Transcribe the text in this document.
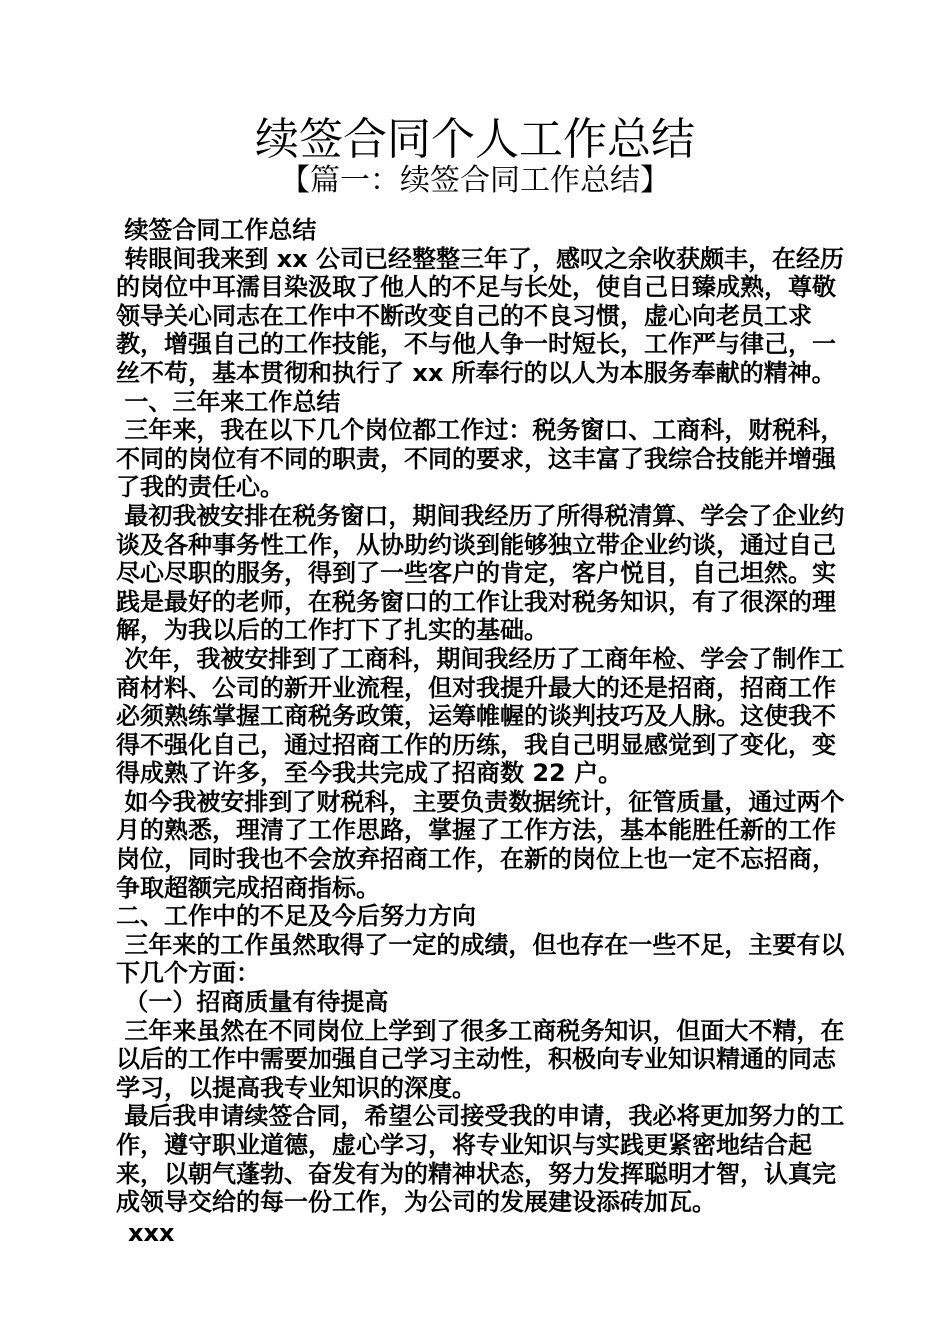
续签合同个人工作总结
【篇一：续签合同工作总结】

续签合同工作总结

转眼间我来到 xx 公司已经整整三年了，感叹之余收获颇丰，在经历的岗位中耳濡目染汲取了他人的不足与长处，使自己日臻成熟，尊敬领导关心同志在工作中不断改变自己的不良习惯，虚心向老员工求教，增强自己的工作技能，不与他人争一时短长，工作严与律己，一丝不苟，基本贯彻和执行了 xx 所奉行的以人为本服务奉献的精神。

一、三年来工作总结

三年来，我在以下几个岗位都工作过：税务窗口、工商科，财税科，不同的岗位有不同的职责，不同的要求，这丰富了我综合技能并增强了我的责任心。

最初我被安排在税务窗口，期间我经历了所得税清算、学会了企业约谈及各种事务性工作，从协助约谈到能够独立带企业约谈，通过自己尽心尽职的服务，得到了一些客户的肯定，客户悦目，自己坦然。实践是最好的老师，在税务窗口的工作让我对税务知识，有了很深的理解，为我以后的工作打下了扎实的基础。

次年，我被安排到了工商科，期间我经历了工商年检、学会了制作工商材料、公司的新开业流程，但对我提升最大的还是招商，招商工作必须熟练掌握工商税务政策，运筹帷幄的谈判技巧及人脉。这使我不得不强化自己，通过招商工作的历练，我自己明显感觉到了变化，变得成熟了许多，至今我共完成了招商数 22 户。

如今我被安排到了财税科，主要负责数据统计，征管质量，通过两个月的熟悉，理清了工作思路，掌握了工作方法，基本能胜任新的工作岗位，同时我也不会放弃招商工作，在新的岗位上也一定不忘招商，争取超额完成招商指标。

二、工作中的不足及今后努力方向

三年来的工作虽然取得了一定的成绩，但也存在一些不足，主要有以下几个方面：

（一）招商质量有待提高

三年来虽然在不同岗位上学到了很多工商税务知识，但面大不精，在以后的工作中需要加强自己学习主动性，积极向专业知识精通的同志学习，以提高我专业知识的深度。

最后我申请续签合同，希望公司接受我的申请，我必将更加努力的工作，遵守职业道德，虚心学习，将专业知识与实践更紧密地结合起来，以朝气蓬勃、奋发有为的精神状态，努力发挥聪明才智，认真完成领导交给的每一份工作，为公司的发展建设添砖加瓦。

xxx
